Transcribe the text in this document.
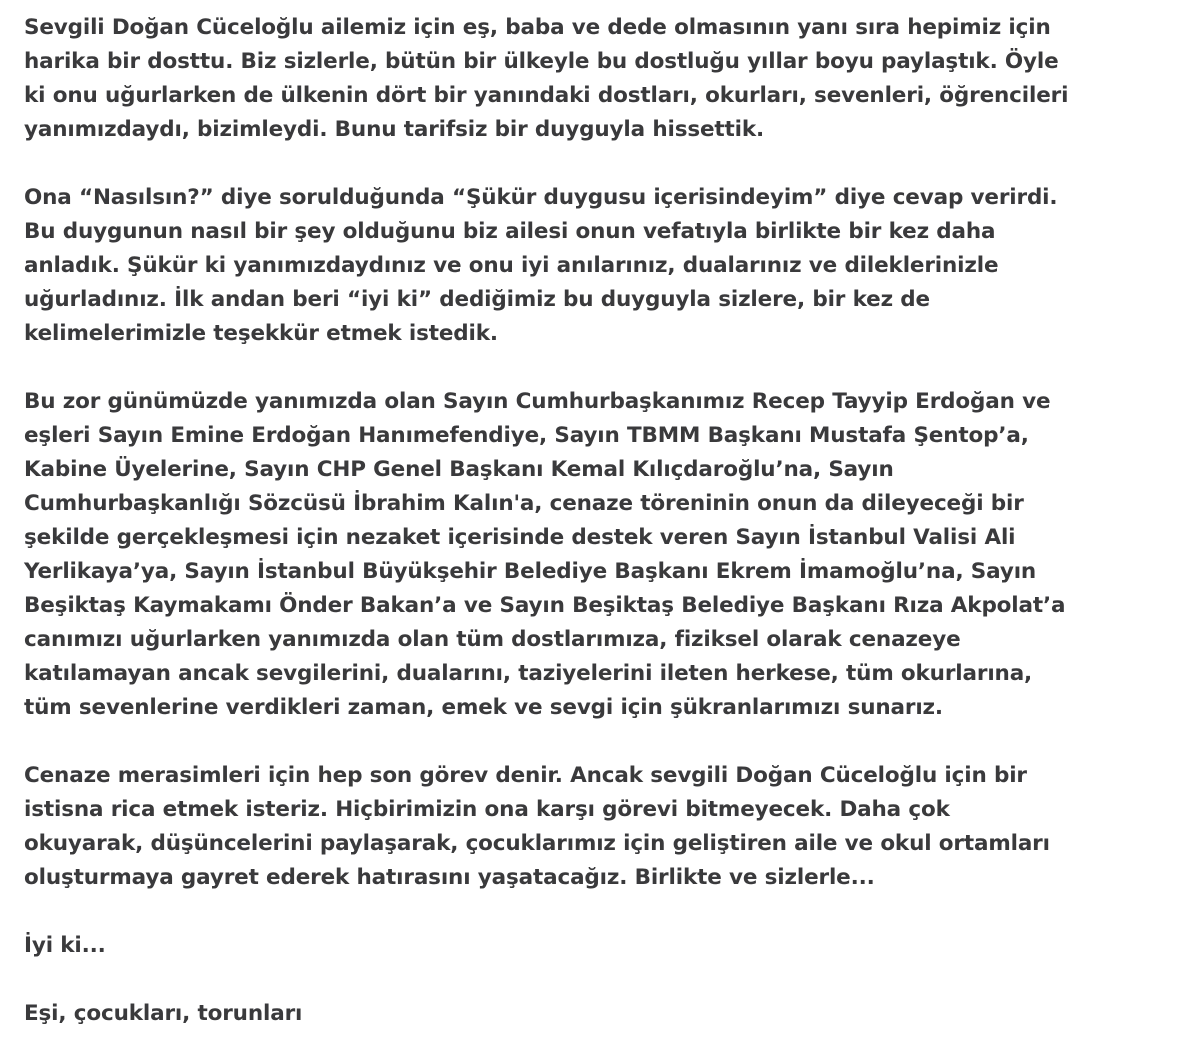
Sevgili Doğan Cüceloğlu ailemiz için eş, baba ve dede olmasının yanı sıra hepimiz için
harika bir dosttu. Biz sizlerle, bütün bir ülkeyle bu dostluğu yıllar boyu paylaştık. Öyle
ki onu uğurlarken de ülkenin dört bir yanındaki dostları, okurları, sevenleri, öğrencileri
yanımızdaydı, bizimleydi. Bunu tarifsiz bir duyguyla hissettik.

Ona “Nasılsın?” diye sorulduğunda “Şükür duygusu içerisindeyim” diye cevap verirdi.
Bu duygunun nasıl bir şey olduğunu biz ailesi onun vefatıyla birlikte bir kez daha
anladık. Şükür ki yanımızdaydınız ve onu iyi anılarınız, dualarınız ve dileklerinizle
uğurladınız. İlk andan beri “iyi ki” dediğimiz bu duyguyla sizlere, bir kez de
kelimelerimizle teşekkür etmek istedik.

Bu zor günümüzde yanımızda olan Sayın Cumhurbaşkanımız Recep Tayyip Erdoğan ve
eşleri Sayın Emine Erdoğan Hanımefendiye, Sayın TBMM Başkanı Mustafa Şentop’a,
Kabine Üyelerine, Sayın CHP Genel Başkanı Kemal Kılıçdaroğlu’na, Sayın
Cumhurbaşkanlığı Sözcüsü İbrahim Kalın'a, cenaze töreninin onun da dileyeceği bir
şekilde gerçekleşmesi için nezaket içerisinde destek veren Sayın İstanbul Valisi Ali
Yerlikaya’ya, Sayın İstanbul Büyükşehir Belediye Başkanı Ekrem İmamoğlu’na, Sayın
Beşiktaş Kaymakamı Önder Bakan’a ve Sayın Beşiktaş Belediye Başkanı Rıza Akpolat’a
canımızı uğurlarken yanımızda olan tüm dostlarımıza, fiziksel olarak cenazeye
katılamayan ancak sevgilerini, dualarını, taziyelerini ileten herkese, tüm okurlarına,
tüm sevenlerine verdikleri zaman, emek ve sevgi için şükranlarımızı sunarız.

Cenaze merasimleri için hep son görev denir. Ancak sevgili Doğan Cüceloğlu için bir
istisna rica etmek isteriz. Hiçbirimizin ona karşı görevi bitmeyecek. Daha çok
okuyarak, düşüncelerini paylaşarak, çocuklarımız için geliştiren aile ve okul ortamları
oluşturmaya gayret ederek hatırasını yaşatacağız. Birlikte ve sizlerle...

İyi ki...

Eşi, çocukları, torunları
